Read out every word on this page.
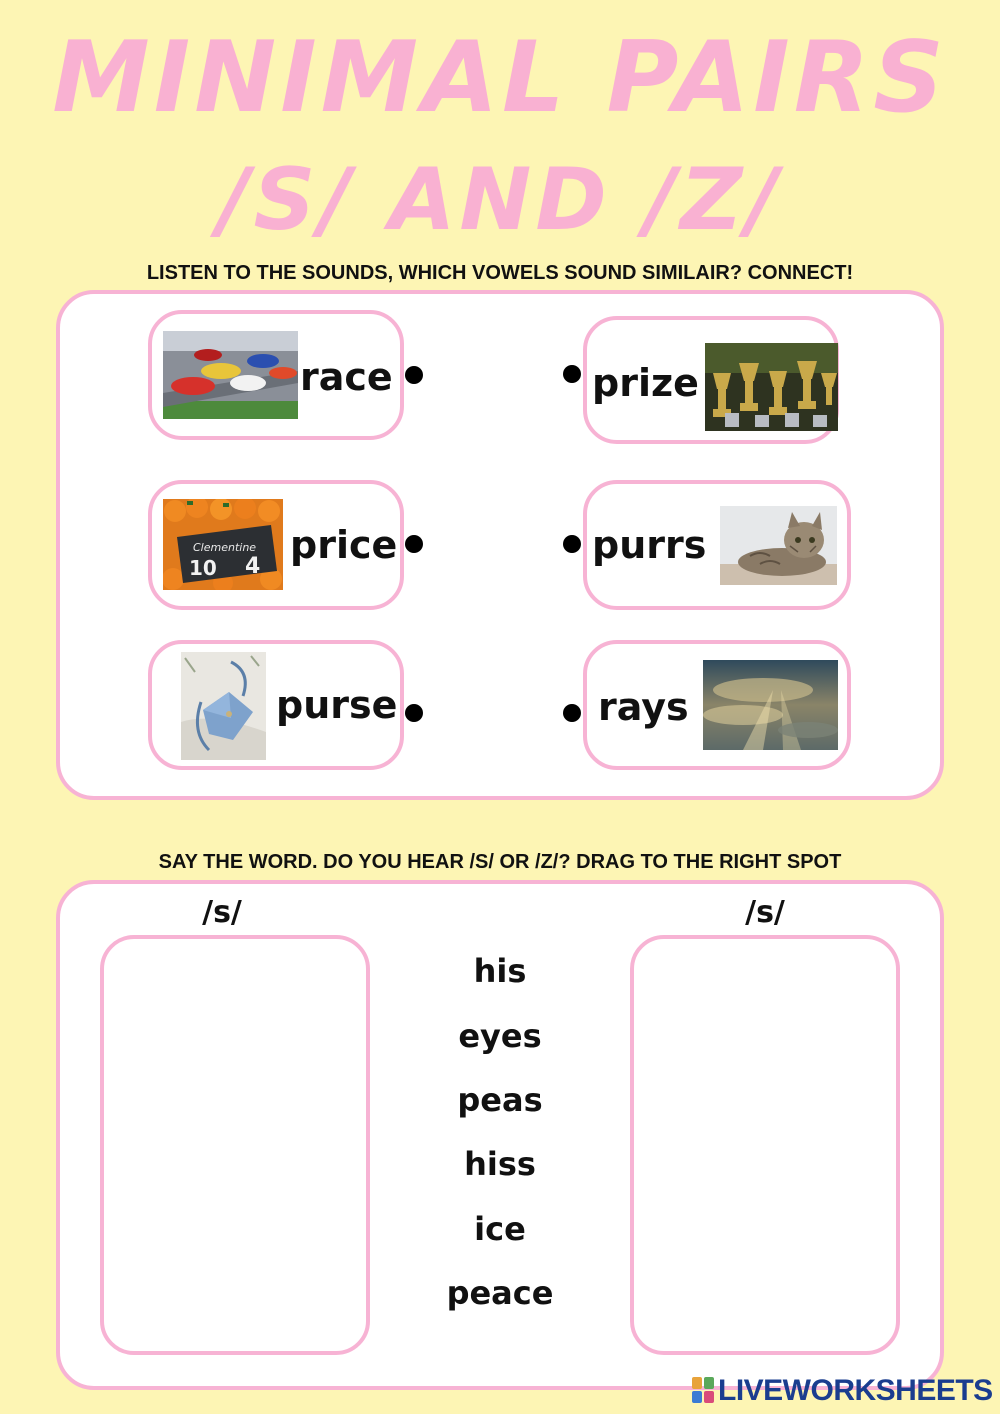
MINIMAL PAIRS
/S/ AND /Z/
LISTEN TO THE SOUNDS, WHICH VOWELS SOUND SIMILAIR? CONNECT!
race
Clementine
10 4 price
purse
prize
purrs
rays
SAY THE WORD. DO YOU HEAR /S/ OR /Z/? DRAG TO THE RIGHT SPOT
/s/	/s/
his
eyes
peas
hiss
ice
peace
LIVEWORKSHEETS
